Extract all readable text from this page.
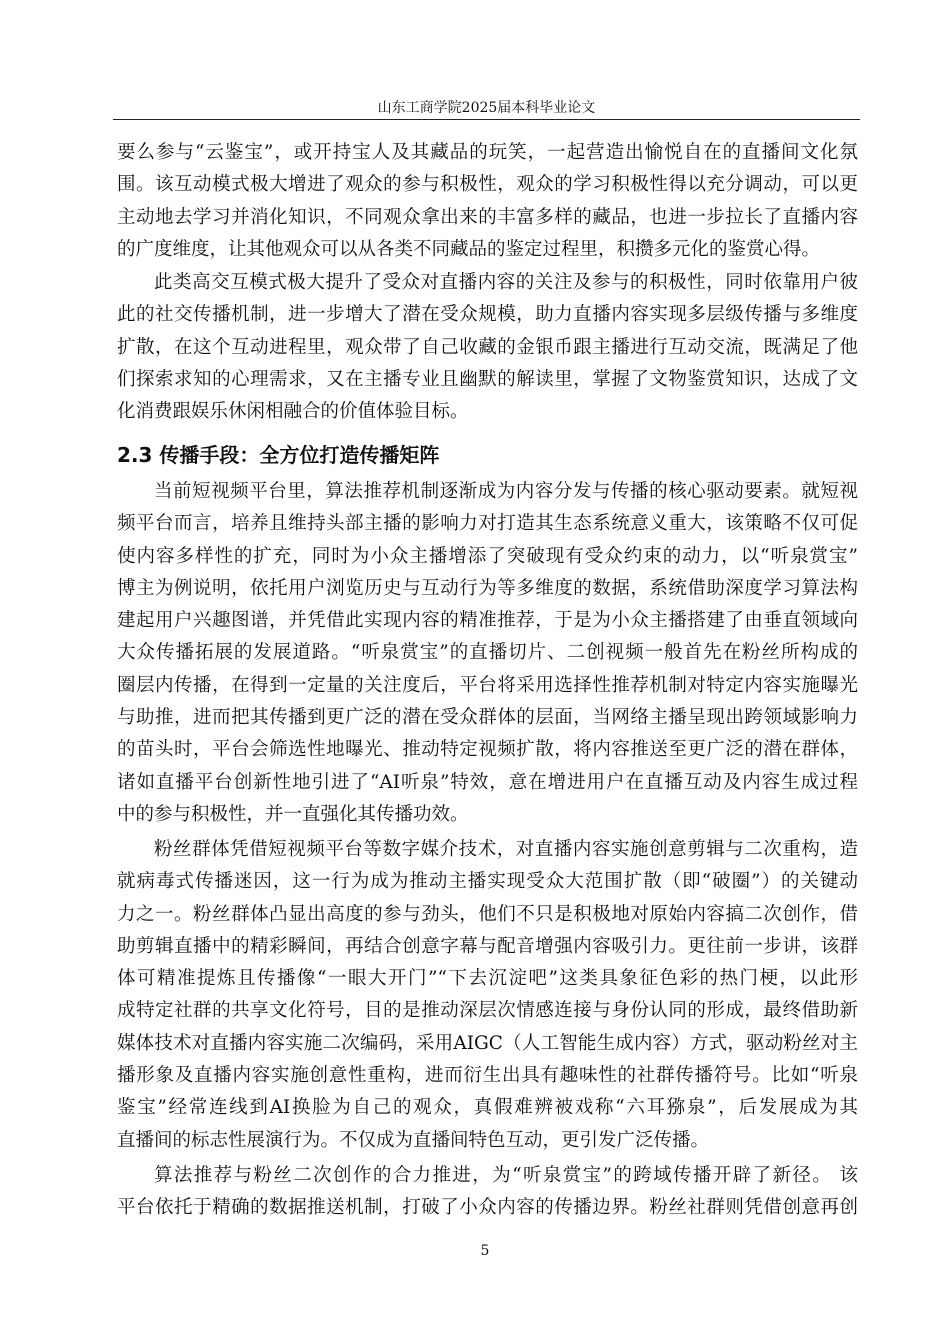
山东工商学院2025届本科毕业论文
要么参与“云鉴宝”，或开持宝人及其藏品的玩笑，一起营造出愉悦自在的直播间文化氛
围。该互动模式极大增进了观众的参与积极性，观众的学习积极性得以充分调动，可以更
主动地去学习并消化知识，不同观众拿出来的丰富多样的藏品，也进一步拉长了直播内容
的广度维度，让其他观众可以从各类不同藏品的鉴定过程里，积攒多元化的鉴赏心得。
此类高交互模式极大提升了受众对直播内容的关注及参与的积极性，同时依靠用户彼
此的社交传播机制，进一步增大了潜在受众规模，助力直播内容实现多层级传播与多维度
扩散，在这个互动进程里，观众带了自己收藏的金银币跟主播进行互动交流，既满足了他
们探索求知的心理需求，又在主播专业且幽默的解读里，掌握了文物鉴赏知识，达成了文
化消费跟娱乐休闲相融合的价值体验目标。
2.3 传播手段：全方位打造传播矩阵
当前短视频平台里，算法推荐机制逐渐成为内容分发与传播的核心驱动要素。就短视
频平台而言，培养且维持头部主播的影响力对打造其生态系统意义重大，该策略不仅可促
使内容多样性的扩充，同时为小众主播增添了突破现有受众约束的动力，以“听泉赏宝”
博主为例说明，依托用户浏览历史与互动行为等多维度的数据，系统借助深度学习算法构
建起用户兴趣图谱，并凭借此实现内容的精准推荐，于是为小众主播搭建了由垂直领域向
大众传播拓展的发展道路。“听泉赏宝”的直播切片、二创视频一般首先在粉丝所构成的
圈层内传播，在得到一定量的关注度后，平台将采用选择性推荐机制对特定内容实施曝光
与助推，进而把其传播到更广泛的潜在受众群体的层面，当网络主播呈现出跨领域影响力
的苗头时，平台会筛选性地曝光、推动特定视频扩散，将内容推送至更广泛的潜在群体，
诸如直播平台创新性地引进了“AI听泉”特效，意在增进用户在直播互动及内容生成过程
中的参与积极性，并一直强化其传播功效。
粉丝群体凭借短视频平台等数字媒介技术，对直播内容实施创意剪辑与二次重构，造
就病毒式传播迷因，这一行为成为推动主播实现受众大范围扩散（即“破圈”）的关键动
力之一。粉丝群体凸显出高度的参与劲头，他们不只是积极地对原始内容搞二次创作，借
助剪辑直播中的精彩瞬间，再结合创意字幕与配音增强内容吸引力。更往前一步讲，该群
体可精准提炼且传播像“一眼大开门”“下去沉淀吧”这类具象征色彩的热门梗，以此形
成特定社群的共享文化符号，目的是推动深层次情感连接与身份认同的形成，最终借助新
媒体技术对直播内容实施二次编码，采用AIGC（人工智能生成内容）方式，驱动粉丝对主
播形象及直播内容实施创意性重构，进而衍生出具有趣味性的社群传播符号。比如“听泉
鉴宝”经常连线到AI换脸为自己的观众，真假难辨被戏称“六耳猕泉”，后发展成为其
直播间的标志性展演行为。不仅成为直播间特色互动，更引发广泛传播。
算法推荐与粉丝二次创作的合力推进，为“听泉赏宝”的跨域传播开辟了新径。 该
平台依托于精确的数据推送机制，打破了小众内容的传播边界。粉丝社群则凭借创意再创
5
